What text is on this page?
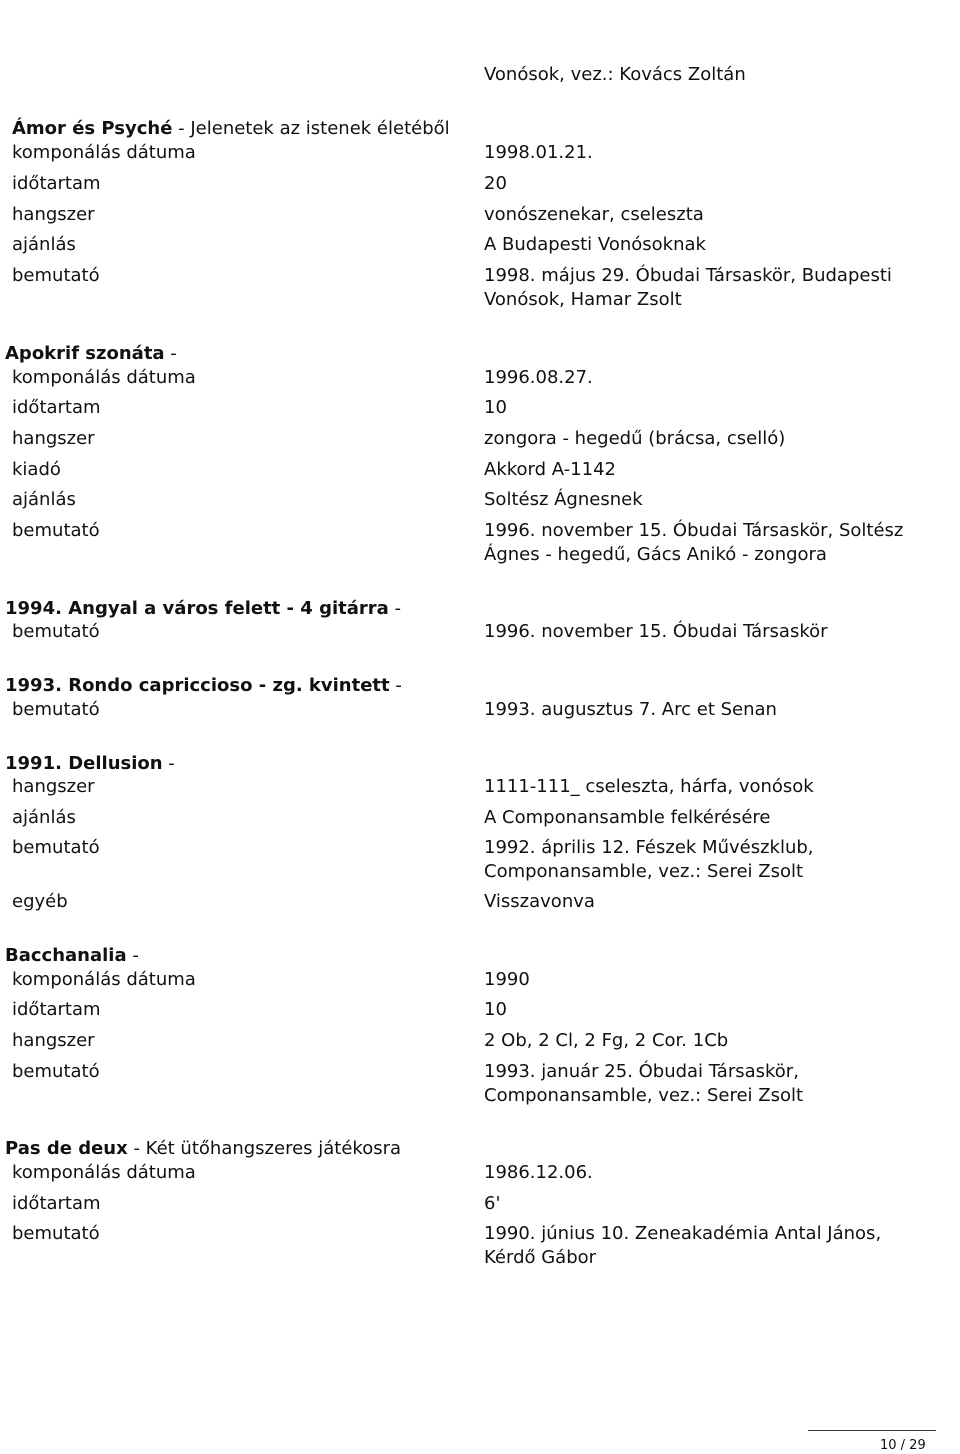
Vonósok, vez.: Kovács Zoltán
Ámor és Psyché - Jelenetek az istenek életéből
komponálás dátuma	1998.01.21.
időtartam	20
hangszer	vonószenekar, cseleszta
ajánlás	A Budapesti Vonósoknak
bemutató	1998. május 29. Óbudai Társaskör, Budapesti
Vonósok, Hamar Zsolt
Apokrif szonáta -
komponálás dátuma	1996.08.27.
időtartam	10
hangszer	zongora - hegedű (brácsa, cselló)
kiadó	Akkord A-1142
ajánlás	Soltész Ágnesnek
bemutató	1996. november 15. Óbudai Társaskör, Soltész
Ágnes - hegedű, Gács Anikó - zongora
1994. Angyal a város felett - 4 gitárra -
bemutató	1996. november 15. Óbudai Társaskör
1993. Rondo capriccioso - zg. kvintett -
bemutató	1993. augusztus 7. Arc et Senan
1991. Dellusion -
hangszer	1111-111_ cseleszta, hárfa, vonósok
ajánlás	A Componansamble felkérésére
bemutató	1992. április 12. Fészek Művészklub,
Componansamble, vez.: Serei Zsolt
egyéb	Visszavonva
Bacchanalia -
komponálás dátuma	1990
időtartam	10
hangszer	2 Ob, 2 Cl, 2 Fg, 2 Cor. 1Cb
bemutató	1993. január 25. Óbudai Társaskör,
Componansamble, vez.: Serei Zsolt
Pas de deux - Két ütőhangszeres játékosra
komponálás dátuma	1986.12.06.
időtartam	6'
bemutató	1990. június 10. Zeneakadémia Antal János,
Kérdő Gábor
10 / 29
